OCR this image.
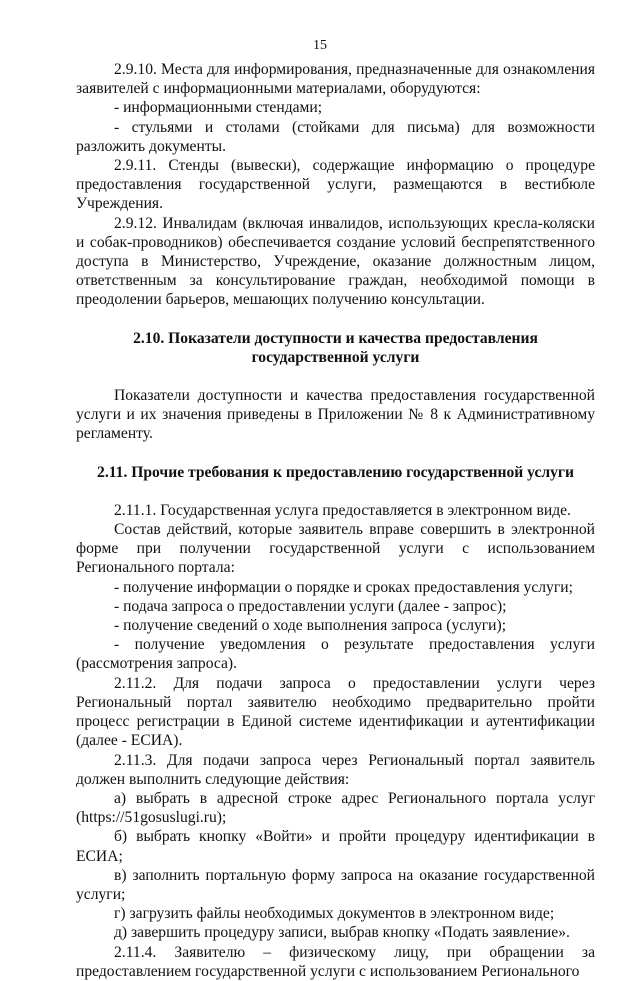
15

2.9.10. Места для информирования, предназначенные для ознакомления заявителей с информационными материалами, оборудуются:

- информационными стендами;

- стульями и столами (стойками для письма) для возможности разложить документы.

2.9.11. Стенды (вывески), содержащие информацию о процедуре предоставления государственной услуги, размещаются в вестибюле Учреждения.

2.9.12. Инвалидам (включая инвалидов, использующих кресла-коляски и собак-проводников) обеспечивается создание условий беспрепятственного доступа в Министерство, Учреждение, оказание должностным лицом, ответственным за консультирование граждан, необходимой помощи в преодолении барьеров, мешающих получению консультации.

2.10. Показатели доступности и качества предоставления государственной услуги

Показатели доступности и качества предоставления государственной услуги и их значения приведены в Приложении № 8 к Административному регламенту.

2.11. Прочие требования к предоставлению государственной услуги

2.11.1. Государственная услуга предоставляется в электронном виде.

Состав действий, которые заявитель вправе совершить в электронной форме при получении государственной услуги с использованием Регионального портала:

- получение информации о порядке и сроках предоставления услуги;

- подача запроса о предоставлении услуги (далее - запрос);

- получение сведений о ходе выполнения запроса (услуги);

- получение уведомления о результате предоставления услуги (рассмотрения запроса).

2.11.2. Для подачи запроса о предоставлении услуги через Региональный портал заявителю необходимо предварительно пройти процесс регистрации в Единой системе идентификации и аутентификации (далее - ЕСИА).

2.11.3. Для подачи запроса через Региональный портал заявитель должен выполнить следующие действия:

а) выбрать в адресной строке адрес Регионального портала услуг (https://51gosuslugi.ru);

б) выбрать кнопку «Войти» и пройти процедуру идентификации в ЕСИА;

в) заполнить портальную форму запроса на оказание государственной услуги;

г) загрузить файлы необходимых документов в электронном виде;

д) завершить процедуру записи, выбрав кнопку «Подать заявление».

2.11.4. Заявителю – физическому лицу, при обращении за предоставлением государственной услуги с использованием Регионального
